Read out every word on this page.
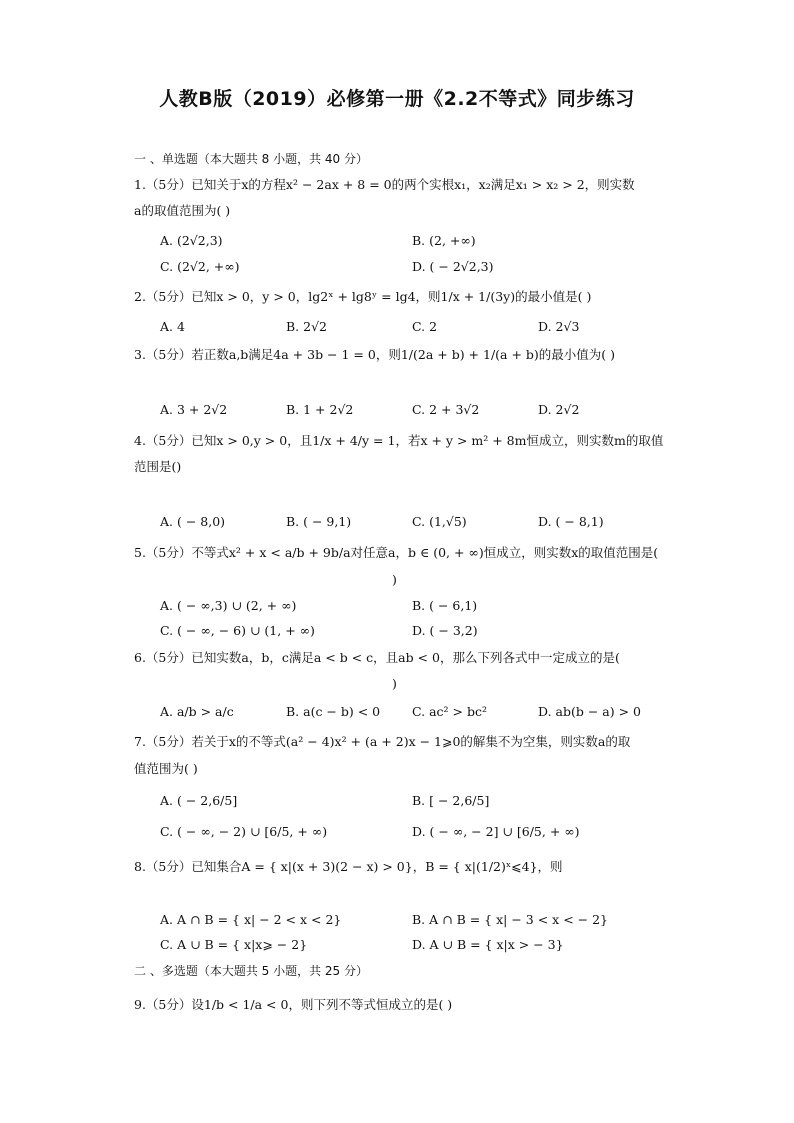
人教B版（2019）必修第一册《2.2不等式》同步练习
一 、单选题（本大题共 8 小题，共 40 分）
1.（5分）已知关于x的方程x² − 2ax + 8 = 0的两个实根x₁，x₂满足x₁ > x₂ > 2，则实数
a的取值范围为( )
A. (2√2,3)	B. (2, +∞)
C. (2√2, +∞)	D. ( − 2√2,3)
2.（5分）已知x > 0，y > 0，lg2ˣ + lg8ʸ = lg4，则1/x + 1/(3y)的最小值是( )
A. 4	B. 2√2	C. 2	D. 2√3
3.（5分）若正数a,b满足4a + 3b − 1 = 0，则1/(2a + b) + 1/(a + b)的最小值为( )
A. 3 + 2√2	B. 1 + 2√2	C. 2 + 3√2	D. 2√2
4.（5分）已知x > 0,y > 0，且1/x + 4/y = 1，若x + y > m² + 8m恒成立，则实数m的取值
范围是()
A. ( − 8,0)	B. ( − 9,1)	C. (1,√5)	D. ( − 8,1)
5.（5分）不等式x² + x < a/b + 9b/a对任意a，b ∈ (0, + ∞)恒成立，则实数x的取值范围是(
)
A. ( − ∞,3) ∪ (2, + ∞)	B. ( − 6,1)
C. ( − ∞, − 6) ∪ (1, + ∞)	D. ( − 3,2)
6.（5分）已知实数a，b，c满足a < b < c，且ab < 0，那么下列各式中一定成立的是(
)
A. a/b > a/c	B. a(c − b) < 0	C. ac² > bc²	D. ab(b − a) > 0
7.（5分）若关于x的不等式(a² − 4)x² + (a + 2)x − 1⩾0的解集不为空集，则实数a的取
值范围为( )
A. ( − 2,6/5]	B. [ − 2,6/5]
C. ( − ∞, − 2) ∪ [6/5, + ∞)	D. ( − ∞, − 2] ∪ [6/5, + ∞)
8.（5分）已知集合A = { x|(x + 3)(2 − x) > 0}，B = { x|(1/2)ˣ⩽4}，则
A. A ∩ B = { x| − 2 < x < 2}	B. A ∩ B = { x| − 3 < x < − 2}
C. A ∪ B = { x|x⩾ − 2}	D. A ∪ B = { x|x > − 3}
二 、多选题（本大题共 5 小题，共 25 分）
9.（5分）设1/b < 1/a < 0，则下列不等式恒成立的是( )
